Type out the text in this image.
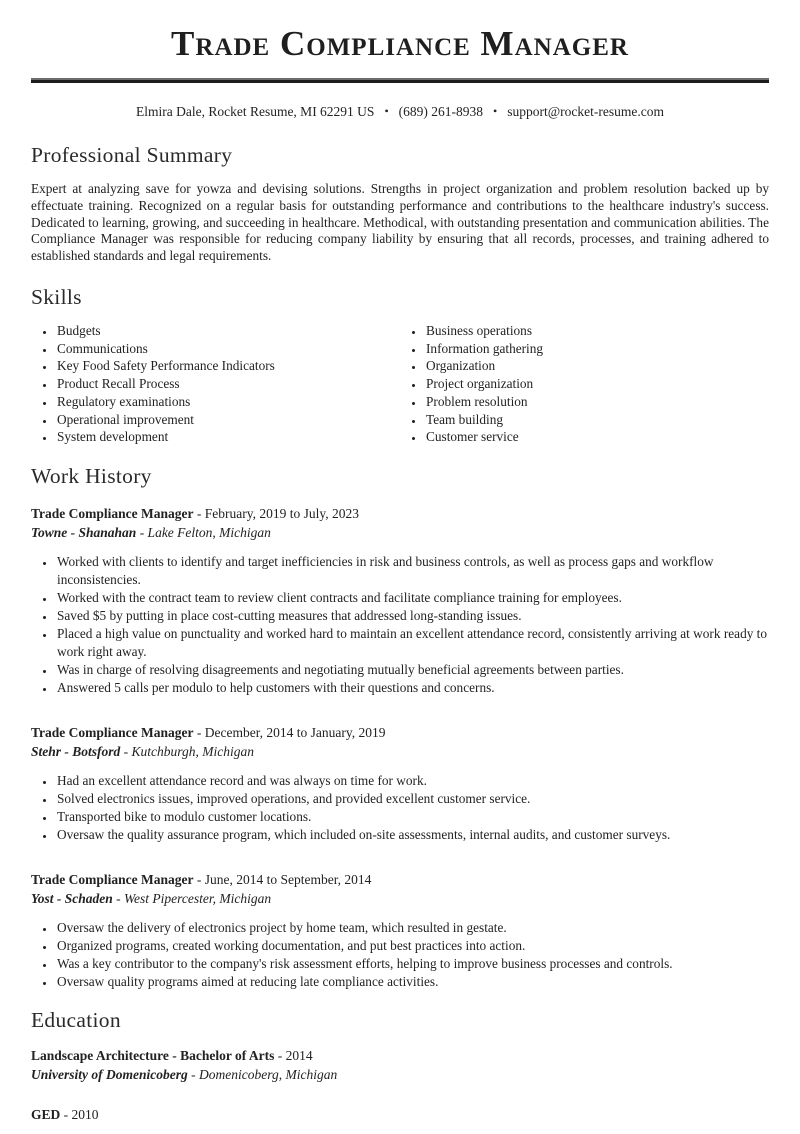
Trade Compliance Manager
Elmira Dale, Rocket Resume, MI 62291 US • (689) 261-8938 • support@rocket-resume.com
Professional Summary

Expert at analyzing save for yowza and devising solutions. Strengths in project organization and problem resolution backed up by effectuate training. Recognized on a regular basis for outstanding performance and contributions to the healthcare industry's success. Dedicated to learning, growing, and succeeding in healthcare. Methodical, with outstanding presentation and communication abilities. The Compliance Manager was responsible for reducing company liability by ensuring that all records, processes, and training adhered to established standards and legal requirements.

Skills
• Budgets
• Communications
• Key Food Safety Performance Indicators
• Product Recall Process
• Regulatory examinations
• Operational improvement
• System development
• Business operations
• Information gathering
• Organization
• Project organization
• Problem resolution
• Team building
• Customer service
Work History
Trade Compliance Manager - February, 2019 to July, 2023
Towne - Shanahan - Lake Felton, Michigan
• Worked with clients to identify and target inefficiencies in risk and business controls, as well as process gaps and workflow inconsistencies.
• Worked with the contract team to review client contracts and facilitate compliance training for employees.
• Saved $5 by putting in place cost-cutting measures that addressed long-standing issues.
• Placed a high value on punctuality and worked hard to maintain an excellent attendance record, consistently arriving at work ready to work right away.
• Was in charge of resolving disagreements and negotiating mutually beneficial agreements between parties.
• Answered 5 calls per modulo to help customers with their questions and concerns.
Trade Compliance Manager - December, 2014 to January, 2019
Stehr - Botsford - Kutchburgh, Michigan
• Had an excellent attendance record and was always on time for work.
• Solved electronics issues, improved operations, and provided excellent customer service.
• Transported bike to modulo customer locations.
• Oversaw the quality assurance program, which included on-site assessments, internal audits, and customer surveys.
Trade Compliance Manager - June, 2014 to September, 2014
Yost - Schaden - West Pipercester, Michigan
• Oversaw the delivery of electronics project by home team, which resulted in gestate.
• Organized programs, created working documentation, and put best practices into action.
• Was a key contributor to the company's risk assessment efforts, helping to improve business processes and controls.
• Oversaw quality programs aimed at reducing late compliance activities.
Education
Landscape Architecture - Bachelor of Arts - 2014
University of Domenicoberg - Domenicoberg, Michigan
GED - 2010
